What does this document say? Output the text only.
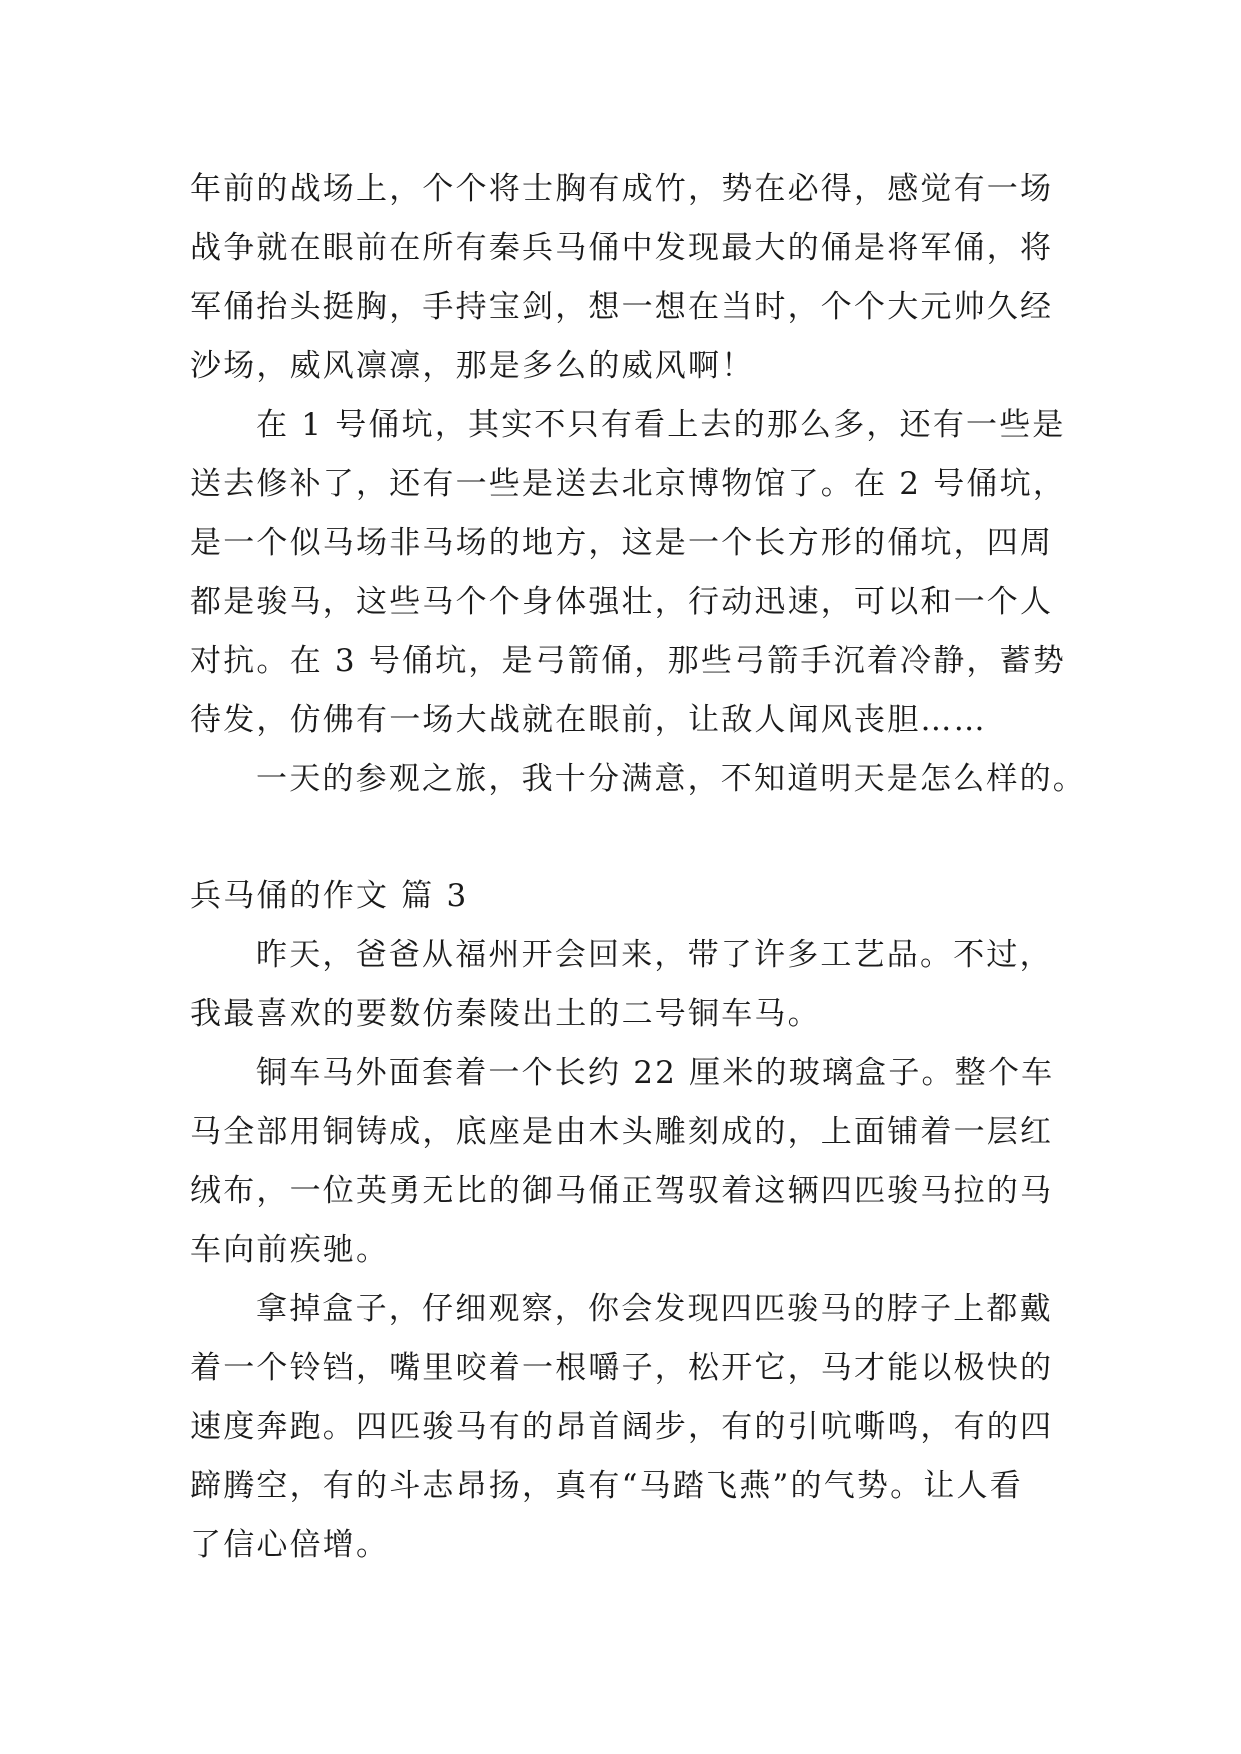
年前的战场上，个个将士胸有成竹，势在必得，感觉有一场
战争就在眼前在所有秦兵马俑中发现最大的俑是将军俑，将
军俑抬头挺胸，手持宝剑，想一想在当时，个个大元帅久经
沙场，威风凛凛，那是多么的威风啊！
在 1 号俑坑，其实不只有看上去的那么多，还有一些是
送去修补了，还有一些是送去北京博物馆了。在 2 号俑坑，
是一个似马场非马场的地方，这是一个长方形的俑坑，四周
都是骏马，这些马个个身体强壮，行动迅速，可以和一个人
对抗。在 3 号俑坑，是弓箭俑，那些弓箭手沉着冷静，蓄势
待发，仿佛有一场大战就在眼前，让敌人闻风丧胆……
一天的参观之旅，我十分满意，不知道明天是怎么样的。
兵马俑的作文 篇 3
昨天，爸爸从福州开会回来，带了许多工艺品。不过，
我最喜欢的要数仿秦陵出土的二号铜车马。
铜车马外面套着一个长约 22 厘米的玻璃盒子。整个车
马全部用铜铸成，底座是由木头雕刻成的，上面铺着一层红
绒布，一位英勇无比的御马俑正驾驭着这辆四匹骏马拉的马
车向前疾驰。
拿掉盒子，仔细观察，你会发现四匹骏马的脖子上都戴
着一个铃铛，嘴里咬着一根嚼子，松开它，马才能以极快的
速度奔跑。四匹骏马有的昂首阔步，有的引吭嘶鸣，有的四
蹄腾空，有的斗志昂扬，真有“马踏飞燕”的气势。让人看
了信心倍增。
